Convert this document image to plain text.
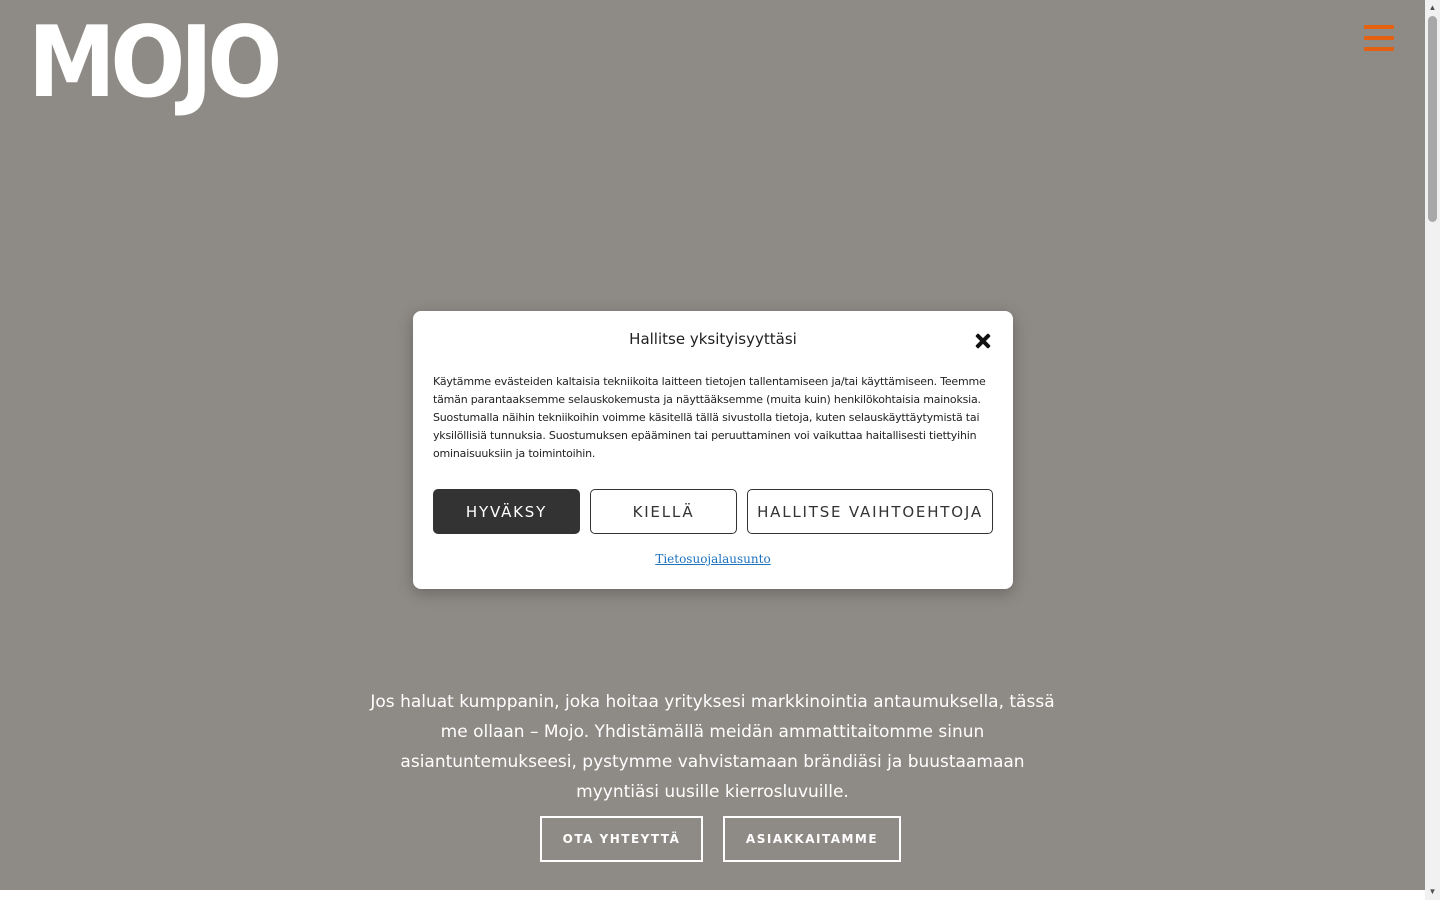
MOJO

Jos haluat kumppanin, joka hoitaa yrityksesi markkinointia antaumuksella, tässä me ollaan – Mojo. Yhdistämällä meidän ammattitaitomme sinun asiantuntemukseesi, pystymme vahvistamaan brändiäsi ja buustaamaan myyntiäsi uusille kierrosluvuille.

OTA YHTEYTTÄ	ASIAKKAITAMME
Hallitse yksityisyyttäsi

Käytämme evästeiden kaltaisia tekniikoita laitteen tietojen tallentamiseen ja/tai käyttämiseen. Teemme tämän parantaaksemme selauskokemusta ja näyttääksemme (muita kuin) henkilökohtaisia mainoksia. Suostumalla näihin tekniikoihin voimme käsitellä tällä sivustolla tietoja, kuten selauskäyttäytymistä tai yksilöllisiä tunnuksia. Suostumuksen epääminen tai peruuttaminen voi vaikuttaa haitallisesti tiettyihin ominaisuuksiin ja toimintoihin.

HYVÄKSY	KIELLÄ	HALLITSE VAIHTOEHTOJA
Tietosuojalausunto
▲
▼
